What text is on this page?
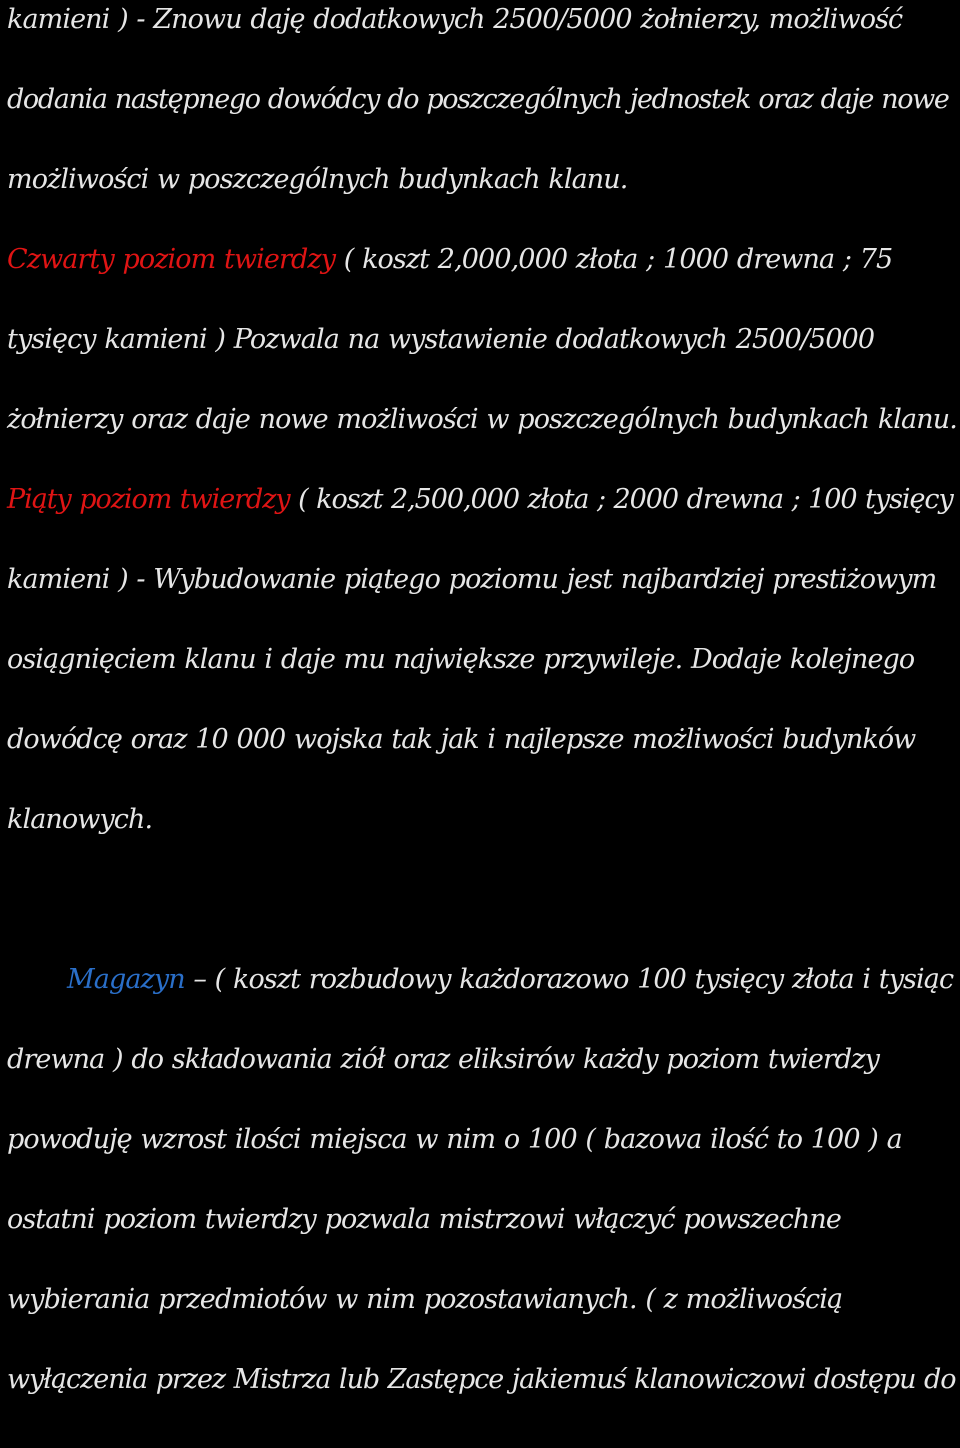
kamieni ) - Znowu daję dodatkowych 2500/5000 żołnierzy, możliwość
dodania następnego dowódcy do poszczególnych jednostek oraz daje nowe
możliwości w poszczególnych budynkach klanu.
Czwarty poziom twierdzy ( koszt 2,000,000 złota ; 1000 drewna ; 75
tysięcy kamieni ) Pozwala na wystawienie dodatkowych 2500/5000
żołnierzy oraz daje nowe możliwości w poszczególnych budynkach klanu.
Piąty poziom twierdzy ( koszt 2,500,000 złota ; 2000 drewna ; 100 tysięcy
kamieni ) - Wybudowanie piątego poziomu jest najbardziej prestiżowym
osiągnięciem klanu i daje mu największe przywileje. Dodaje kolejnego
dowódcę oraz 10 000 wojska tak jak i najlepsze możliwości budynków
klanowych.
Magazyn – ( koszt rozbudowy każdorazowo 100 tysięcy złota i tysiąc
drewna ) do składowania ziół oraz eliksirów każdy poziom twierdzy
powoduję wzrost ilości miejsca w nim o 100 ( bazowa ilość to 100 ) a
ostatni poziom twierdzy pozwala mistrzowi włączyć powszechne
wybierania przedmiotów w nim pozostawianych. ( z możliwością
wyłączenia przez Mistrza lub Zastępce jakiemuś klanowiczowi dostępu do
